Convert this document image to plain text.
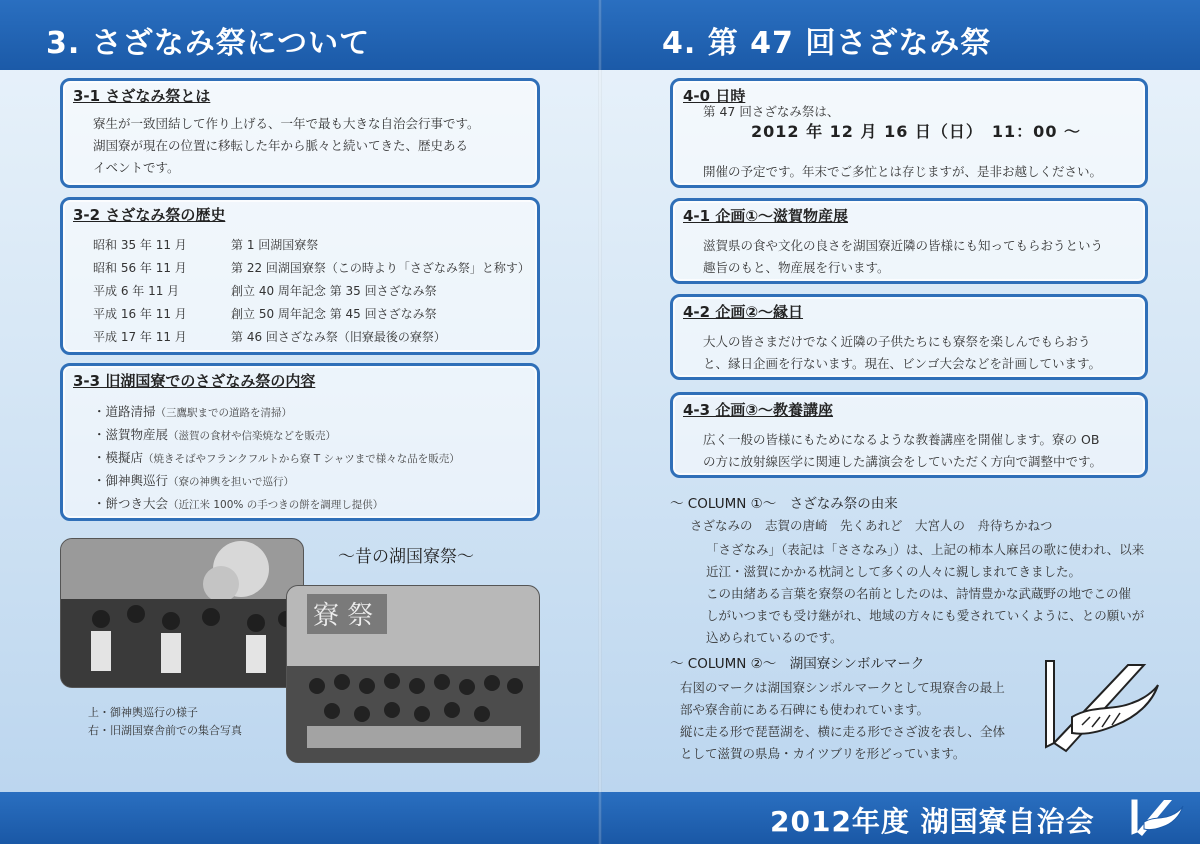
3. さざなみ祭について	4. 第 47 回さざなみ祭
3-1 さざなみ祭とは
寮生が一致団結して作り上げる、一年で最も大きな自治会行事です。
湖国寮が現在の位置に移転した年から脈々と続いてきた、歴史ある
イベントです。
3-2 さざなみ祭の歴史
昭和 35 年 11 月	第 1 回湖国寮祭
昭和 56 年 11 月	第 22 回湖国寮祭（この時より「さざなみ祭」と称す）
平成 6 年 11 月	創立 40 周年記念 第 35 回さざなみ祭
平成 16 年 11 月	創立 50 周年記念 第 45 回さざなみ祭
平成 17 年 11 月	第 46 回さざなみ祭（旧寮最後の寮祭）
3-3 旧湖国寮でのさざなみ祭の内容
・道路清掃（三鷹駅までの道路を清掃）
・滋賀物産展（滋賀の食材や信楽焼などを販売）
・模擬店（焼きそばやフランクフルトから寮 T シャツまで様々な品を販売）
・御神輿巡行（寮の神輿を担いで巡行）
・餅つき大会（近江米 100% の手つきの餅を調理し提供）
寮 祭
～昔の湖国寮祭～
上・御神輿巡行の様子
右・旧湖国寮舎前での集合写真
4-0 日時
第 47 回さざなみ祭は、
2012 年 12 月 16 日（日）　11：00 ～
開催の予定です。年末でご多忙とは存じますが、是非お越しください。
4-1 企画①～滋賀物産展
滋賀県の食や文化の良さを湖国寮近隣の皆様にも知ってもらおうという
趣旨のもと、物産展を行います。
4-2 企画②～縁日
大人の皆さまだけでなく近隣の子供たちにも寮祭を楽しんでもらおう
と、縁日企画を行ないます。現在、ビンゴ大会などを計画しています。
4-3 企画③～教養講座
広く一般の皆様にもためになるような教養講座を開催します。寮の OB
の方に放射線医学に関連した講演会をしていただく方向で調整中です。
～ COLUMN ①～　さざなみ祭の由来
さざなみの　志賀の唐崎　先くあれど　大宮人の　舟待ちかねつ
「さざなみ」（表記は「ささなみ」）は、上記の柿本人麻呂の歌に使われ、以来
近江・滋賀にかかる枕詞として多くの人々に親しまれてきました。
この由緒ある言葉を寮祭の名前としたのは、詩情豊かな武蔵野の地でこの催
しがいつまでも受け継がれ、地域の方々にも愛されていくように、との願いが
込められているのです。
～ COLUMN ②～　湖国寮シンボルマーク
右図のマークは湖国寮シンボルマークとして現寮舎の最上
部や寮舎前にある石碑にも使われています。
縦に走る形で琵琶湖を、横に走る形でさざ波を表し、全体
として滋賀の県鳥・カイツブリを形どっています。
2012年度 湖国寮自治会
